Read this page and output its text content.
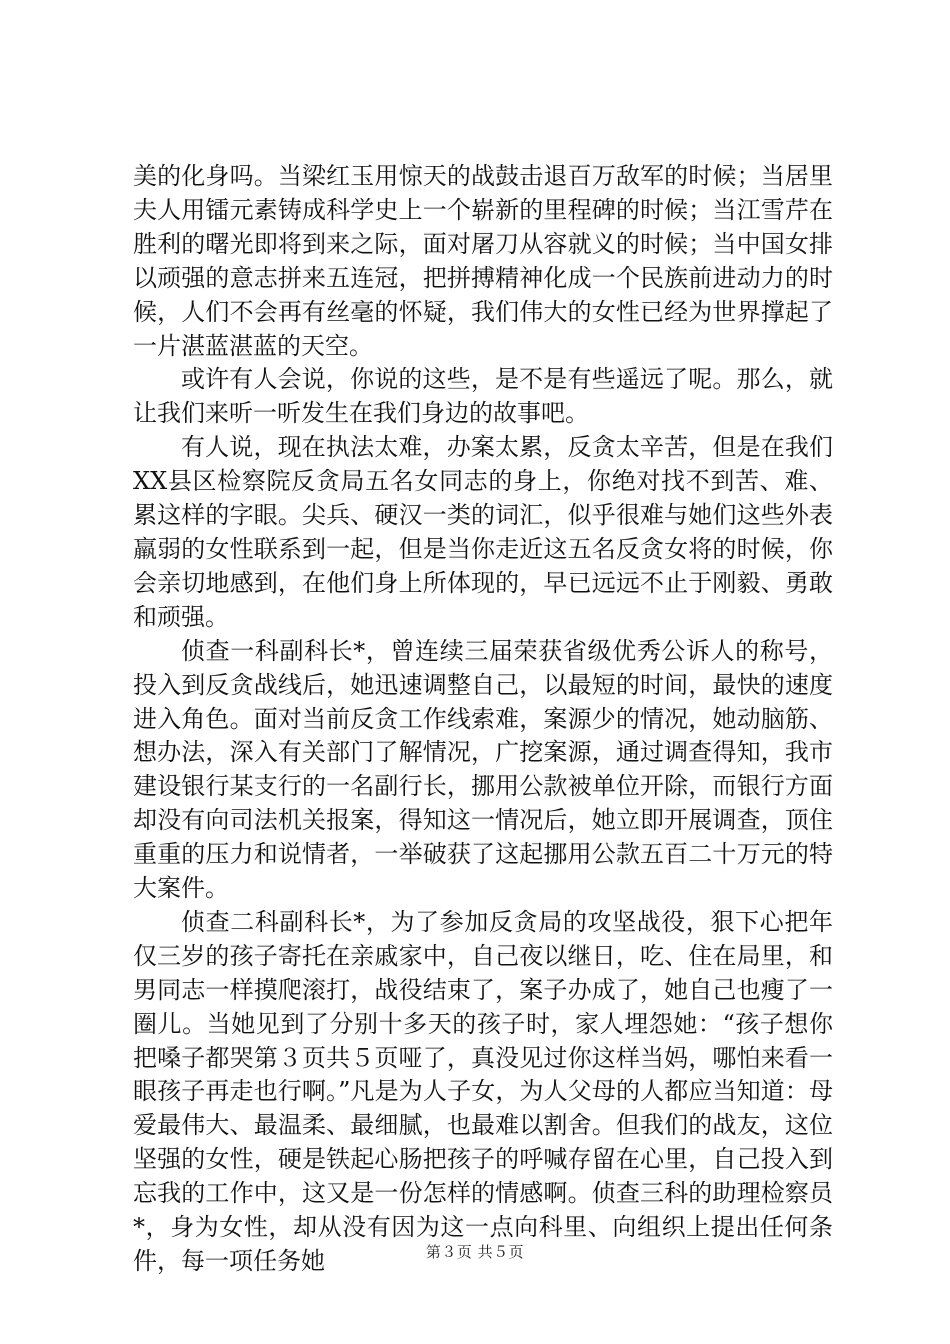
美的化身吗。当梁红玉用惊天的战鼓击退百万敌军的时候；当居里夫人用镭元素铸成科学史上一个崭新的里程碑的时候；当江雪芹在胜利的曙光即将到来之际，面对屠刀从容就义的时候；当中国女排以顽强的意志拼来五连冠，把拼搏精神化成一个民族前进动力的时候，人们不会再有丝毫的怀疑，我们伟大的女性已经为世界撑起了一片湛蓝湛蓝的天空。

或许有人会说，你说的这些，是不是有些遥远了呢。那么，就让我们来听一听发生在我们身边的故事吧。

有人说，现在执法太难，办案太累，反贪太辛苦，但是在我们XX县区检察院反贪局五名女同志的身上，你绝对找不到苦、难、累这样的字眼。尖兵、硬汉一类的词汇，似乎很难与她们这些外表羸弱的女性联系到一起，但是当你走近这五名反贪女将的时候，你会亲切地感到，在他们身上所体现的，早已远远不止于刚毅、勇敢和顽强。

侦查一科副科长*，曾连续三届荣获省级优秀公诉人的称号，投入到反贪战线后，她迅速调整自己，以最短的时间，最快的速度进入角色。面对当前反贪工作线索难，案源少的情况，她动脑筋、想办法，深入有关部门了解情况，广挖案源，通过调查得知，我市建设银行某支行的一名副行长，挪用公款被单位开除，而银行方面却没有向司法机关报案，得知这一情况后，她立即开展调查，顶住重重的压力和说情者，一举破获了这起挪用公款五百二十万元的特大案件。

侦查二科副科长*，为了参加反贪局的攻坚战役，狠下心把年仅三岁的孩子寄托在亲戚家中，自己夜以继日，吃、住在局里，和男同志一样摸爬滚打，战役结束了，案子办成了，她自己也瘦了一圈儿。当她见到了分别十多天的孩子时，家人埋怨她：“孩子想你把嗓子都哭第３页共５页哑了，真没见过你这样当妈，哪怕来看一眼孩子再走也行啊。”凡是为人子女，为人父母的人都应当知道：母爱最伟大、最温柔、最细腻，也最难以割舍。但我们的战友，这位坚强的女性，硬是铁起心肠把孩子的呼喊存留在心里，自己投入到忘我的工作中，这又是一份怎样的情感啊。侦查三科的助理检察员*，身为女性，却从没有因为这一点向科里、向组织上提出任何条件，每一项任务她	第３页 共５页
